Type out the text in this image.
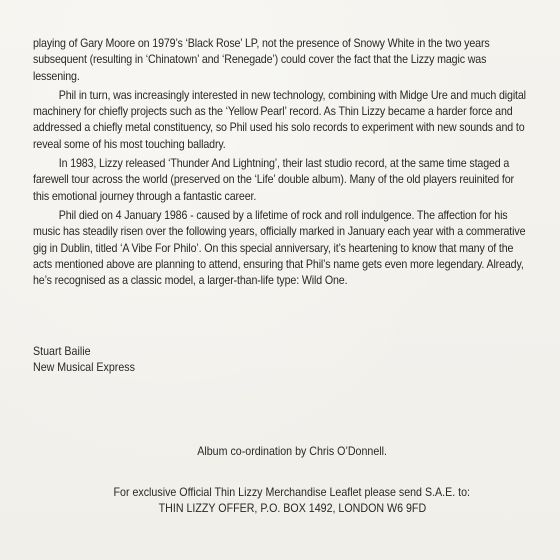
playing of Gary Moore on 1979’s ‘Black Rose’ LP, not the presence of Snowy White in the two years subsequent (resulting in ‘Chinatown’ and ‘Renegade’) could cover the fact that the Lizzy magic was lessening.

Phil in turn, was increasingly interested in new technology, combining with Midge Ure and much digital machinery for chiefly projects such as the ‘Yellow Pearl’ record. As Thin Lizzy became a harder force and addressed a chiefly metal constituency, so Phil used his solo records to experiment with new sounds and to reveal some of his most touching balladry.

In 1983, Lizzy released ‘Thunder And Lightning’, their last studio record, at the same time staged a farewell tour across the world (preserved on the ‘Life’ double album). Many of the old players reuinited for this emotional journey through a fantastic career.

Phil died on 4 January 1986 - caused by a lifetime of rock and roll indulgence. The affection for his music has steadily risen over the following years, officially marked in January each year with a commerative gig in Dublin, titled ‘A Vibe For Philo’. On this special anniversary, it’s heartening to know that many of the acts mentioned above are planning to attend, ensuring that Phil’s name gets even more legendary. Already, he’s recognised as a classic model, a larger-than-life type: Wild One.

Stuart Bailie
New Musical Express
Album co-ordination by Chris O’Donnell.
For exclusive Official Thin Lizzy Merchandise Leaflet please send S.A.E. to:
THIN LIZZY OFFER, P.O. BOX 1492, LONDON W6 9FD
